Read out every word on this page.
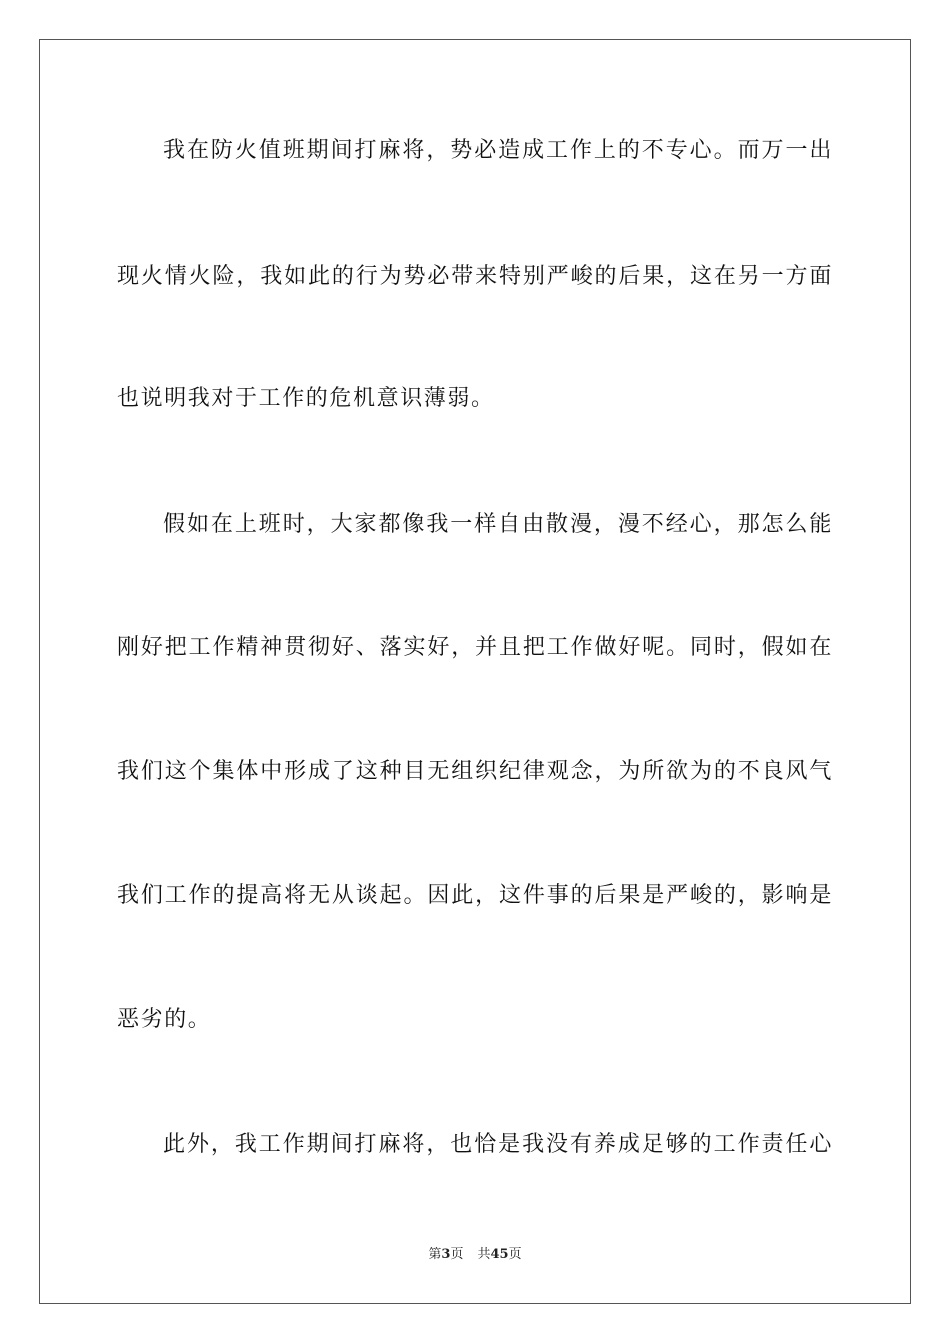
我在防火值班期间打麻将，势必造成工作上的不专心。而万一出
现火情火险，我如此的行为势必带来特别严峻的后果，这在另一方面
也说明我对于工作的危机意识薄弱。
假如在上班时，大家都像我一样自由散漫，漫不经心，那怎么能
刚好把工作精神贯彻好、落实好，并且把工作做好呢。同时，假如在
我们这个集体中形成了这种目无组织纪律观念，为所欲为的不良风气
我们工作的提高将无从谈起。因此，这件事的后果是严峻的，影响是
恶劣的。
此外，我工作期间打麻将，也恰是我没有养成足够的工作责任心
第3页 共45页
